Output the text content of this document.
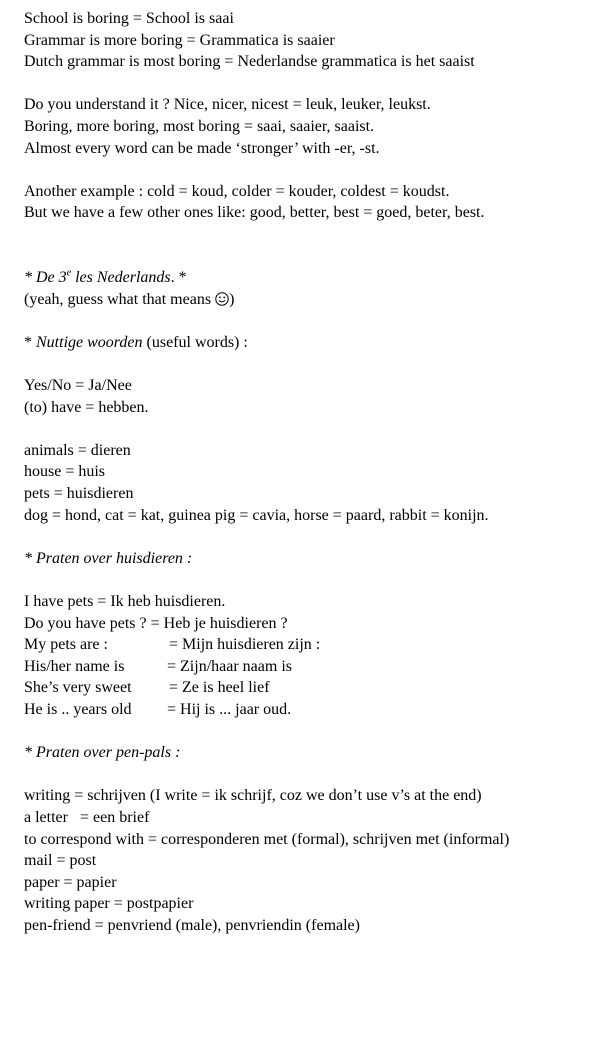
School is boring = School is saai
Grammar is more boring = Grammatica is saaier
Dutch grammar is most boring = Nederlandse grammatica is het saaist
Do you understand it ? Nice, nicer, nicest = leuk, leuker, leukst.
Boring, more boring, most boring = saai, saaier, saaist.
Almost every word can be made ‘stronger’ with -er, -st.
Another example : cold = koud, colder = kouder, coldest = koudst.
But we have a few other ones like: good, better, best = goed, beter, best.
* De 3e les Nederlands. *
(yeah, guess what that means )
* Nuttige woorden (useful words) :
Yes/No = Ja/Nee
(to) have = hebben.
animals = dieren
house = huis
pets = huisdieren
dog = hond, cat = kat, guinea pig = cavia, horse = paard, rabbit = konijn.
* Praten over huisdieren :
I have pets = Ik heb huisdieren.
Do you have pets ? = Heb je huisdieren ?
My pets are :	= Mijn huisdieren zijn :
His/her name is	= Zijn/haar naam is
She’s very sweet = Ze is heel lief
He is .. years old = Hij is ... jaar oud.
* Praten over pen-pals :
writing = schrijven (I write = ik schrijf, coz we don’t use v’s at the end)
a letter   = een brief
to correspond with = corresponderen met (formal), schrijven met (informal)
mail = post
paper = papier
writing paper = postpapier
pen-friend = penvriend (male), penvriendin (female)
